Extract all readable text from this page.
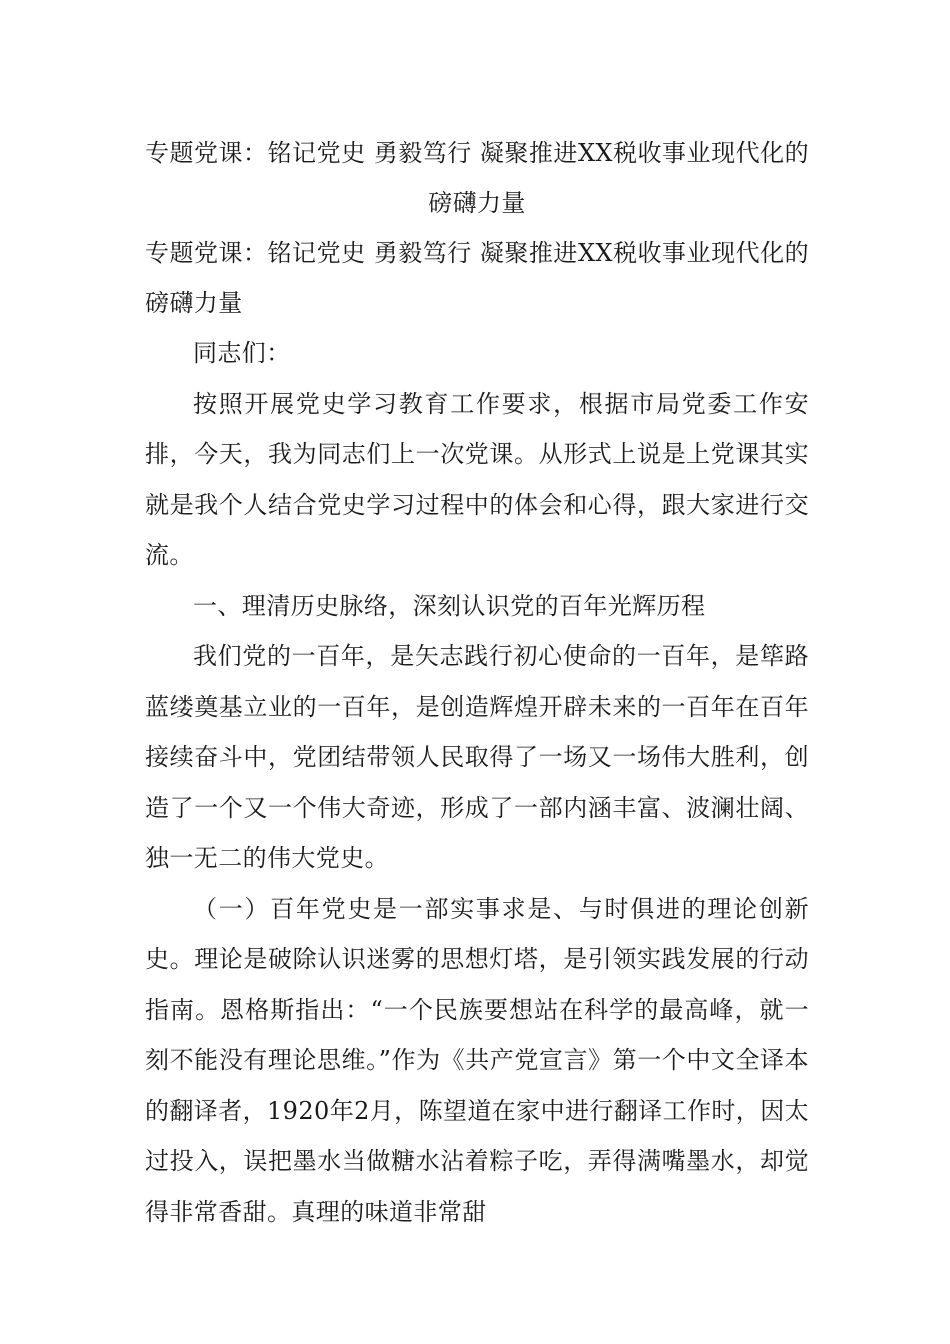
专题党课：铭记党史 勇毅笃行 凝聚推进XX税收事业现代化的磅礴力量

专题党课：铭记党史 勇毅笃行 凝聚推进XX税收事业现代化的磅礴力量

同志们：

按照开展党史学习教育工作要求，根据市局党委工作安排，今天，我为同志们上一次党课。从形式上说是上党课其实就是我个人结合党史学习过程中的体会和心得，跟大家进行交流。

一、理清历史脉络，深刻认识党的百年光辉历程

我们党的一百年，是矢志践行初心使命的一百年，是筚路蓝缕奠基立业的一百年，是创造辉煌开辟未来的一百年在百年接续奋斗中，党团结带领人民取得了一场又一场伟大胜利，创造了一个又一个伟大奇迹，形成了一部内涵丰富、波澜壮阔、独一无二的伟大党史。

（一）百年党史是一部实事求是、与时俱进的理论创新史。理论是破除认识迷雾的思想灯塔，是引领实践发展的行动指南。恩格斯指出：“一个民族要想站在科学的最高峰，就一刻不能没有理论思维。”作为《共产党宣言》第一个中文全译本的翻译者，1920年2月，陈望道在家中进行翻译工作时，因太过投入，误把墨水当做糖水沾着粽子吃，弄得满嘴墨水，却觉得非常香甜。真理的味道非常甜
